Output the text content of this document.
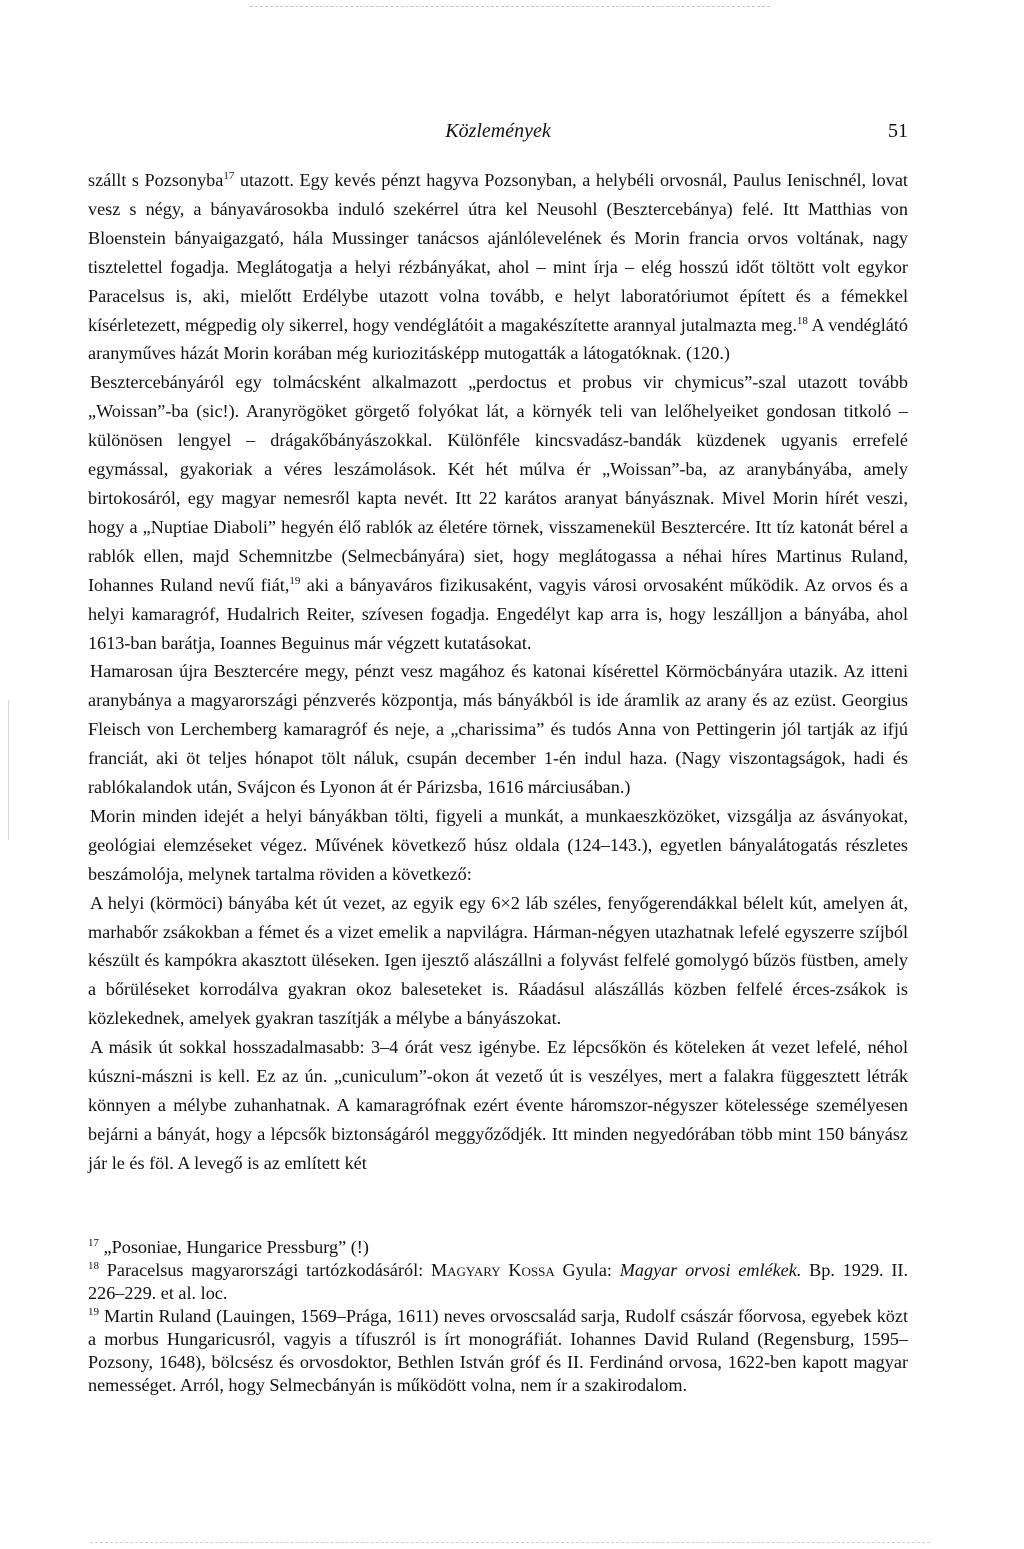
Közlemények	51

szállt s Pozsonyba$^{17}$ utazott. Egy kevés pénzt hagyva Pozsonyban, a helybéli orvosnál, Paulus Ienischnél, lovat vesz s négy, a bányavárosokba induló szekérrel útra kel Neusohl (Besztercebánya) felé. Itt Matthias von Bloenstein bányaigazgató, hála Mussinger tanácsos ajánlólevelének és Morin francia orvos voltának, nagy tisztelettel fogadja. Meglátogatja a helyi rézbányákat, ahol – mint írja – elég hosszú időt töltött volt egykor Paracelsus is, aki, mielőtt Erdélybe utazott volna tovább, e helyt laboratóriumot épített és a fémekkel kísérletezett, mégpedig oly sikerrel, hogy vendéglátóit a magakészítette arannyal jutalmazta meg.$^{18}$ A vendéglátó aranyműves házát Morin korában még kuriozitásképp mutogatták a látogatóknak. (120.)

Besztercebányáról egy tolmácsként alkalmazott „perdoctus et probus vir chymicus”-szal utazott tovább „Woissan”-ba (sic!). Aranyrögöket görgető folyókat lát, a környék teli van lelőhelyeiket gondosan titkoló – különösen lengyel – drágakőbányászokkal. Különféle kincsvadász-bandák küzdenek ugyanis errefelé egymással, gyakoriak a véres leszámolások. Két hét múlva ér „Woissan”-ba, az aranybányába, amely birtokosáról, egy magyar nemesről kapta nevét. Itt 22 karátos aranyat bányásznak. Mivel Morin hírét veszi, hogy a „Nuptiae Diaboli” hegyén élő rablók az életére törnek, visszamenekül Besztercére. Itt tíz katonát bérel a rablók ellen, majd Schemnitzbe (Selmecbányára) siet, hogy meglátogassa a néhai híres Martinus Ruland, Iohannes Ruland nevű fiát,$^{19}$ aki a bányaváros fizikusaként, vagyis városi orvosaként működik. Az orvos és a helyi kamaragróf, Hudalrich Reiter, szívesen fogadja. Engedélyt kap arra is, hogy leszálljon a bányába, ahol 1613-ban barátja, Ioannes Beguinus már végzett kutatásokat.

Hamarosan újra Besztercére megy, pénzt vesz magához és katonai kísérettel Körmöcbányára utazik. Az itteni aranybánya a magyarországi pénzverés központja, más bányákból is ide áramlik az arany és az ezüst. Georgius Fleisch von Lerchemberg kamaragróf és neje, a „charissima” és tudós Anna von Pettingerin jól tartják az ifjú franciát, aki öt teljes hónapot tölt náluk, csupán december 1-én indul haza. (Nagy viszontagságok, hadi és rablókalandok után, Svájcon és Lyonon át ér Párizsba, 1616 márciusában.)

Morin minden idejét a helyi bányákban tölti, figyeli a munkát, a munkaeszközöket, vizsgálja az ásványokat, geológiai elemzéseket végez. Művének következő húsz oldala (124–143.), egyetlen bányalátogatás részletes beszámolója, melynek tartalma röviden a következő:

A helyi (körmöci) bányába két út vezet, az egyik egy 6×2 láb széles, fenyőgerendákkal bélelt kút, amelyen át, marhabőr zsákokban a fémet és a vizet emelik a napvilágra. Hárman-négyen utazhatnak lefelé egyszerre szíjból készült és kampókra akasztott üléseken. Igen ijesztő alászállni a folyvást felfelé gomolygó bűzös füstben, amely a bőrüléseket korrodálva gyakran okoz baleseteket is. Ráadásul alászállás közben felfelé érces-zsákok is közlekednek, amelyek gyakran taszítják a mélybe a bányászokat.

A másik út sokkal hosszadalmasabb: 3–4 órát vesz igénybe. Ez lépcsőkön és köteleken át vezet lefelé, néhol kúszni-mászni is kell. Ez az ún. „cuniculum”-okon át vezető út is veszélyes, mert a falakra függesztett létrák könnyen a mélybe zuhanhatnak. A kamaragrófnak ezért évente háromszor-négyszer kötelessége személyesen bejárni a bányát, hogy a lépcsők biztonságáról meggyőződjék. Itt minden negyedórában több mint 150 bányász jár le és föl. A levegő is az említett két

$^{17}$ „Posoniae, Hungarice Pressburg” (!)

$^{18}$ Paracelsus magyarországi tartózkodásáról: Magyary Kossa Gyula: Magyar orvosi emlékek. Bp. 1929. II. 226–229. et al. loc.

$^{19}$ Martin Ruland (Lauingen, 1569–Prága, 1611) neves orvoscsalád sarja, Rudolf császár főorvosa, egyebek közt a morbus Hungaricusról, vagyis a tífuszról is írt monográfiát. Iohannes David Ruland (Regensburg, 1595–Pozsony, 1648), bölcsész és orvosdoktor, Bethlen István gróf és II. Ferdinánd orvosa, 1622-ben kapott magyar nemességet. Arról, hogy Selmecbányán is működött volna, nem ír a szakirodalom.
